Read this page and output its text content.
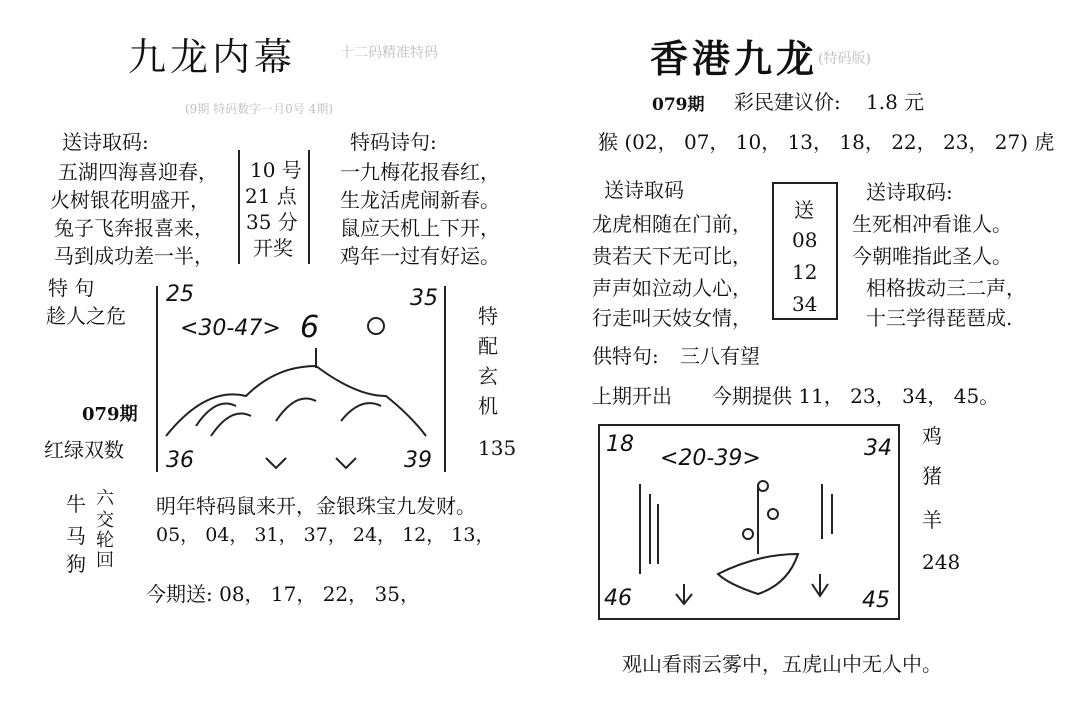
九龙内幕	十二码精准特码
(9期 特码数字一月0号 4期)
送诗取码:	特码诗句:
五湖四海喜迎春，
火树银花明盛开，
兔子飞奔报喜来，
马到成功差一半，
10 号
21 点
35 分
开奖
一九梅花报春红，
生龙活虎闹新春。
鼠应天机上下开，
鸡年一过有好运。
特 句
趁人之危
079期
红绿双数
25	35
36	39
<30-47> 6	特
配
玄
机
135
牛
马
狗
六
交
轮
回
明年特码鼠来开，金银珠宝九发财。
05， 04， 31， 37， 24， 12， 13，
今期送: 08， 17， 22， 35，
香港九龙 (特码版)
079期 彩民建议价: 1.8 元
猴 (02， 07， 10， 13， 18， 22， 23， 27) 虎
送诗取码	送诗取码:
龙虎相随在门前，
贵若天下无可比，
声声如泣动人心，
行走叫天妓女情，
送
08
12
34
生死相冲看谁人。
今朝唯指此圣人。
相格拔动三二声，
十三学得琵琶成.
供特句: 三八有望
上期开出 今期提供 11， 23， 34， 45。
18	34
46	45
<20-39>
鸡
猪
羊
248
观山看雨云雾中，五虎山中无人中。
